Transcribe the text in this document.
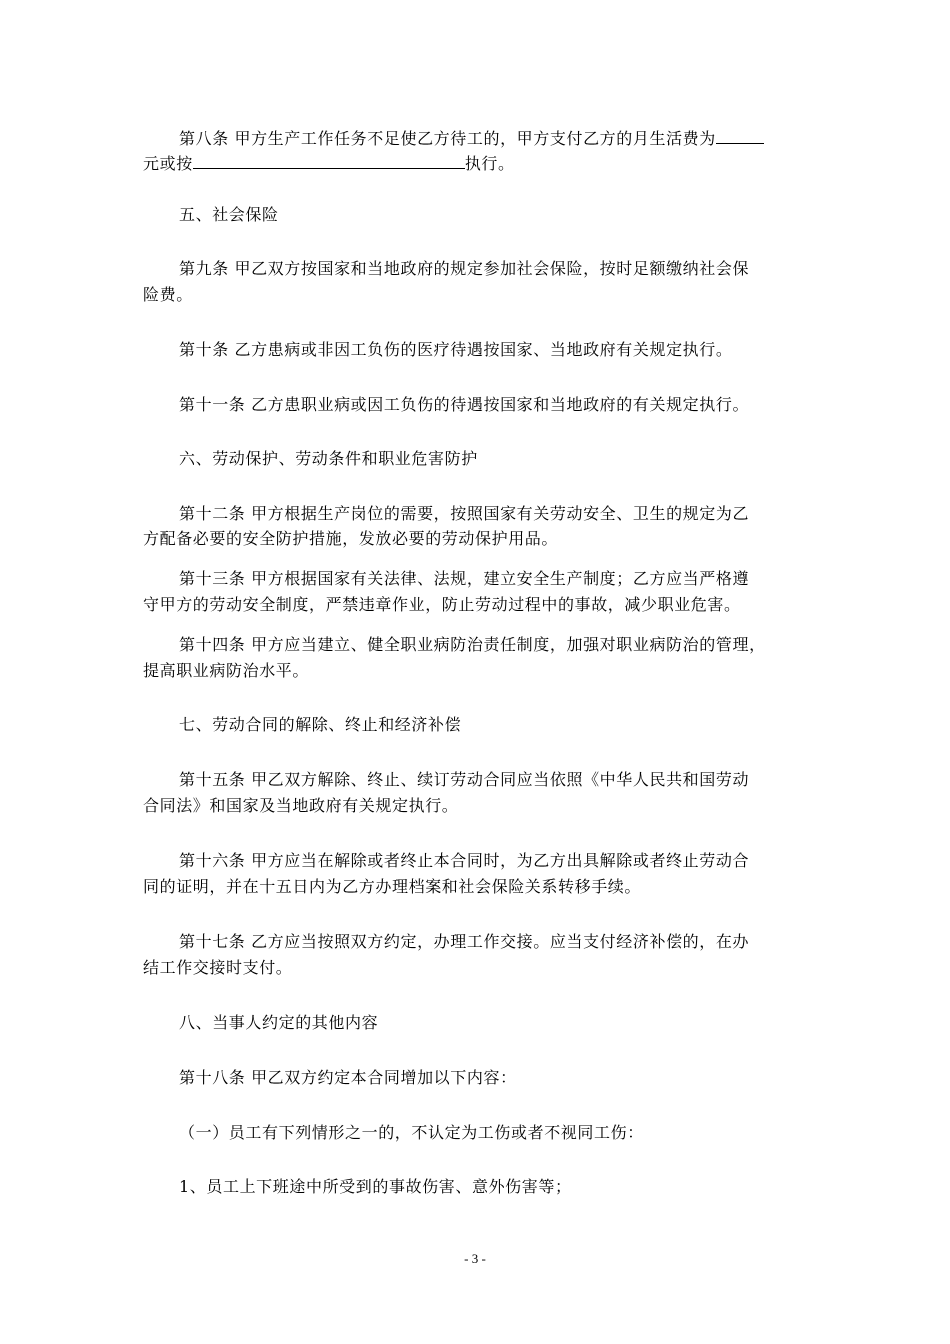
第八条 甲方生产工作任务不足使乙方待工的，甲方支付乙方的月生活费为
元或按	执行。
五、社会保险
第九条 甲乙双方按国家和当地政府的规定参加社会保险，按时足额缴纳社会保
险费。
第十条 乙方患病或非因工负伤的医疗待遇按国家、当地政府有关规定执行。
第十一条 乙方患职业病或因工负伤的待遇按国家和当地政府的有关规定执行。
六、劳动保护、劳动条件和职业危害防护
第十二条 甲方根据生产岗位的需要，按照国家有关劳动安全、卫生的规定为乙
方配备必要的安全防护措施，发放必要的劳动保护用品。
第十三条 甲方根据国家有关法律、法规，建立安全生产制度；乙方应当严格遵
守甲方的劳动安全制度，严禁违章作业，防止劳动过程中的事故，减少职业危害。
第十四条 甲方应当建立、健全职业病防治责任制度，加强对职业病防治的管理，
提高职业病防治水平。
七、劳动合同的解除、终止和经济补偿
第十五条 甲乙双方解除、终止、续订劳动合同应当依照《中华人民共和国劳动
合同法》和国家及当地政府有关规定执行。
第十六条 甲方应当在解除或者终止本合同时，为乙方出具解除或者终止劳动合
同的证明，并在十五日内为乙方办理档案和社会保险关系转移手续。
第十七条 乙方应当按照双方约定，办理工作交接。应当支付经济补偿的，在办
结工作交接时支付。
八、当事人约定的其他内容
第十八条 甲乙双方约定本合同增加以下内容：
（一）员工有下列情形之一的，不认定为工伤或者不视同工伤：
1、员工上下班途中所受到的事故伤害、意外伤害等；
- 3 -
